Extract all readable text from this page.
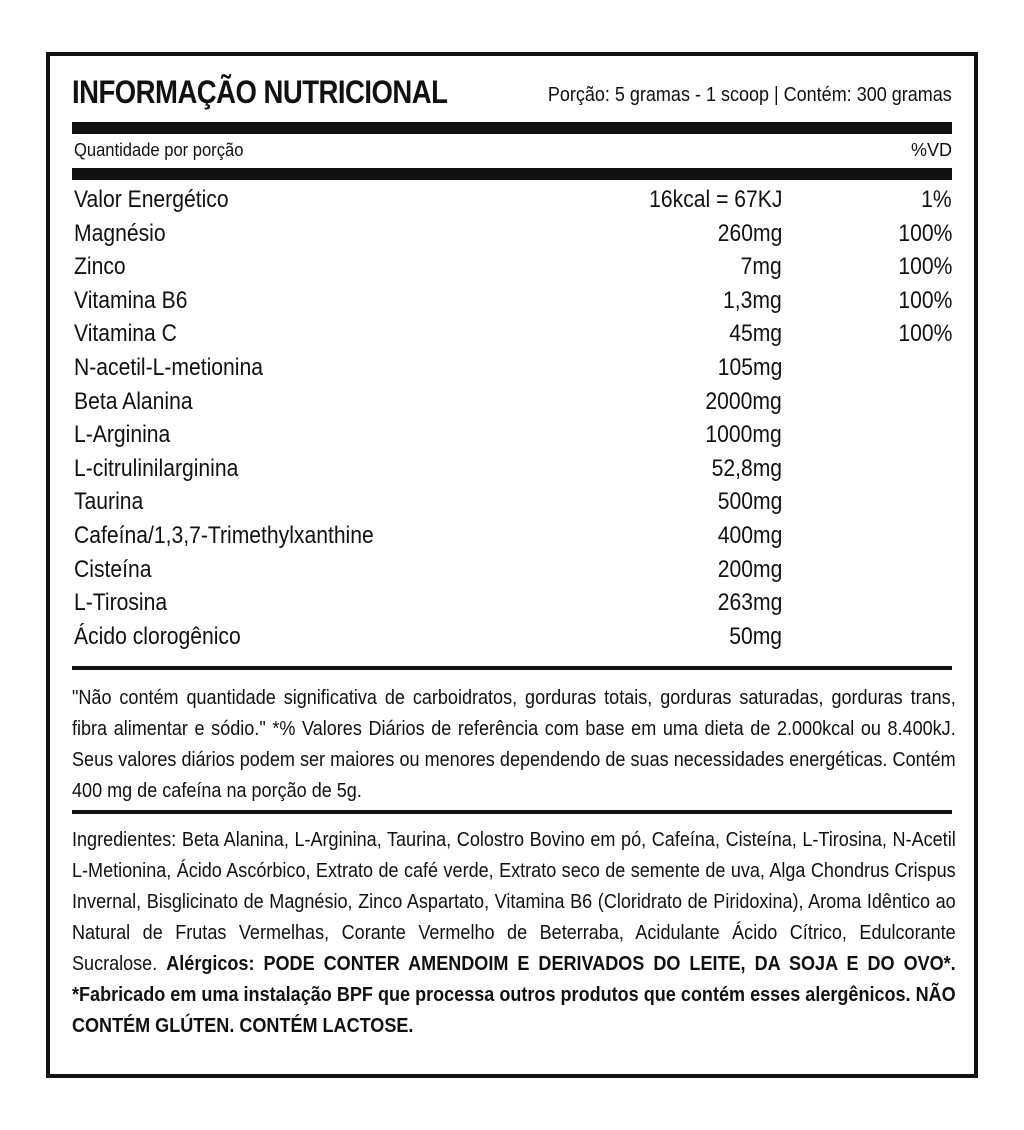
INFORMAÇÃO NUTRICIONAL	Porção: 5 gramas - 1 scoop | Contém: 300 gramas
Quantidade por porção	%VD
Valor Energético	16kcal = 67KJ	1%
Magnésio	260mg	100%
Zinco	7mg	100%
Vitamina B6	1,3mg	100%
Vitamina C	45mg	100%
N-acetil-L-metionina	105mg
Beta Alanina	2000mg
L-Arginina	1000mg
L-citrulinilarginina	52,8mg
Taurina	500mg
Cafeína/1,3,7-Trimethylxanthine	400mg
Cisteína	200mg
L-Tirosina	263mg
Ácido clorogênico	50mg
"Não contém quantidade significativa de carboidratos, gorduras totais, gorduras saturadas, gorduras trans, fibra alimentar e sódio." *% Valores Diários de referência com base em uma dieta de 2.000kcal ou 8.400kJ. Seus valores diários podem ser maiores ou menores dependendo de suas necessidades energéticas. Contém 400 mg de cafeína na porção de 5g.
Ingredientes: Beta Alanina, L-Arginina, Taurina, Colostro Bovino em pó, Cafeína, Cisteína, L-Tirosina, N-Acetil L-Metionina, Ácido Ascórbico, Extrato de café verde, Extrato seco de semente de uva, Alga Chondrus Crispus Invernal, Bisglicinato de Magnésio, Zinco Aspartato, Vitamina B6 (Cloridrato de Piridoxina), Aroma Idêntico ao Natural de Frutas Vermelhas, Corante Vermelho de Beterraba, Acidulante Ácido Cítrico, Edulcorante Sucralose. Alérgicos: PODE CONTER AMENDOIM E DERIVADOS DO LEITE, DA SOJA E DO OVO*. *Fabricado em uma instalação BPF que processa outros produtos que contém esses alergênicos. NÃO CONTÉM GLÚTEN. CONTÉM LACTOSE.
